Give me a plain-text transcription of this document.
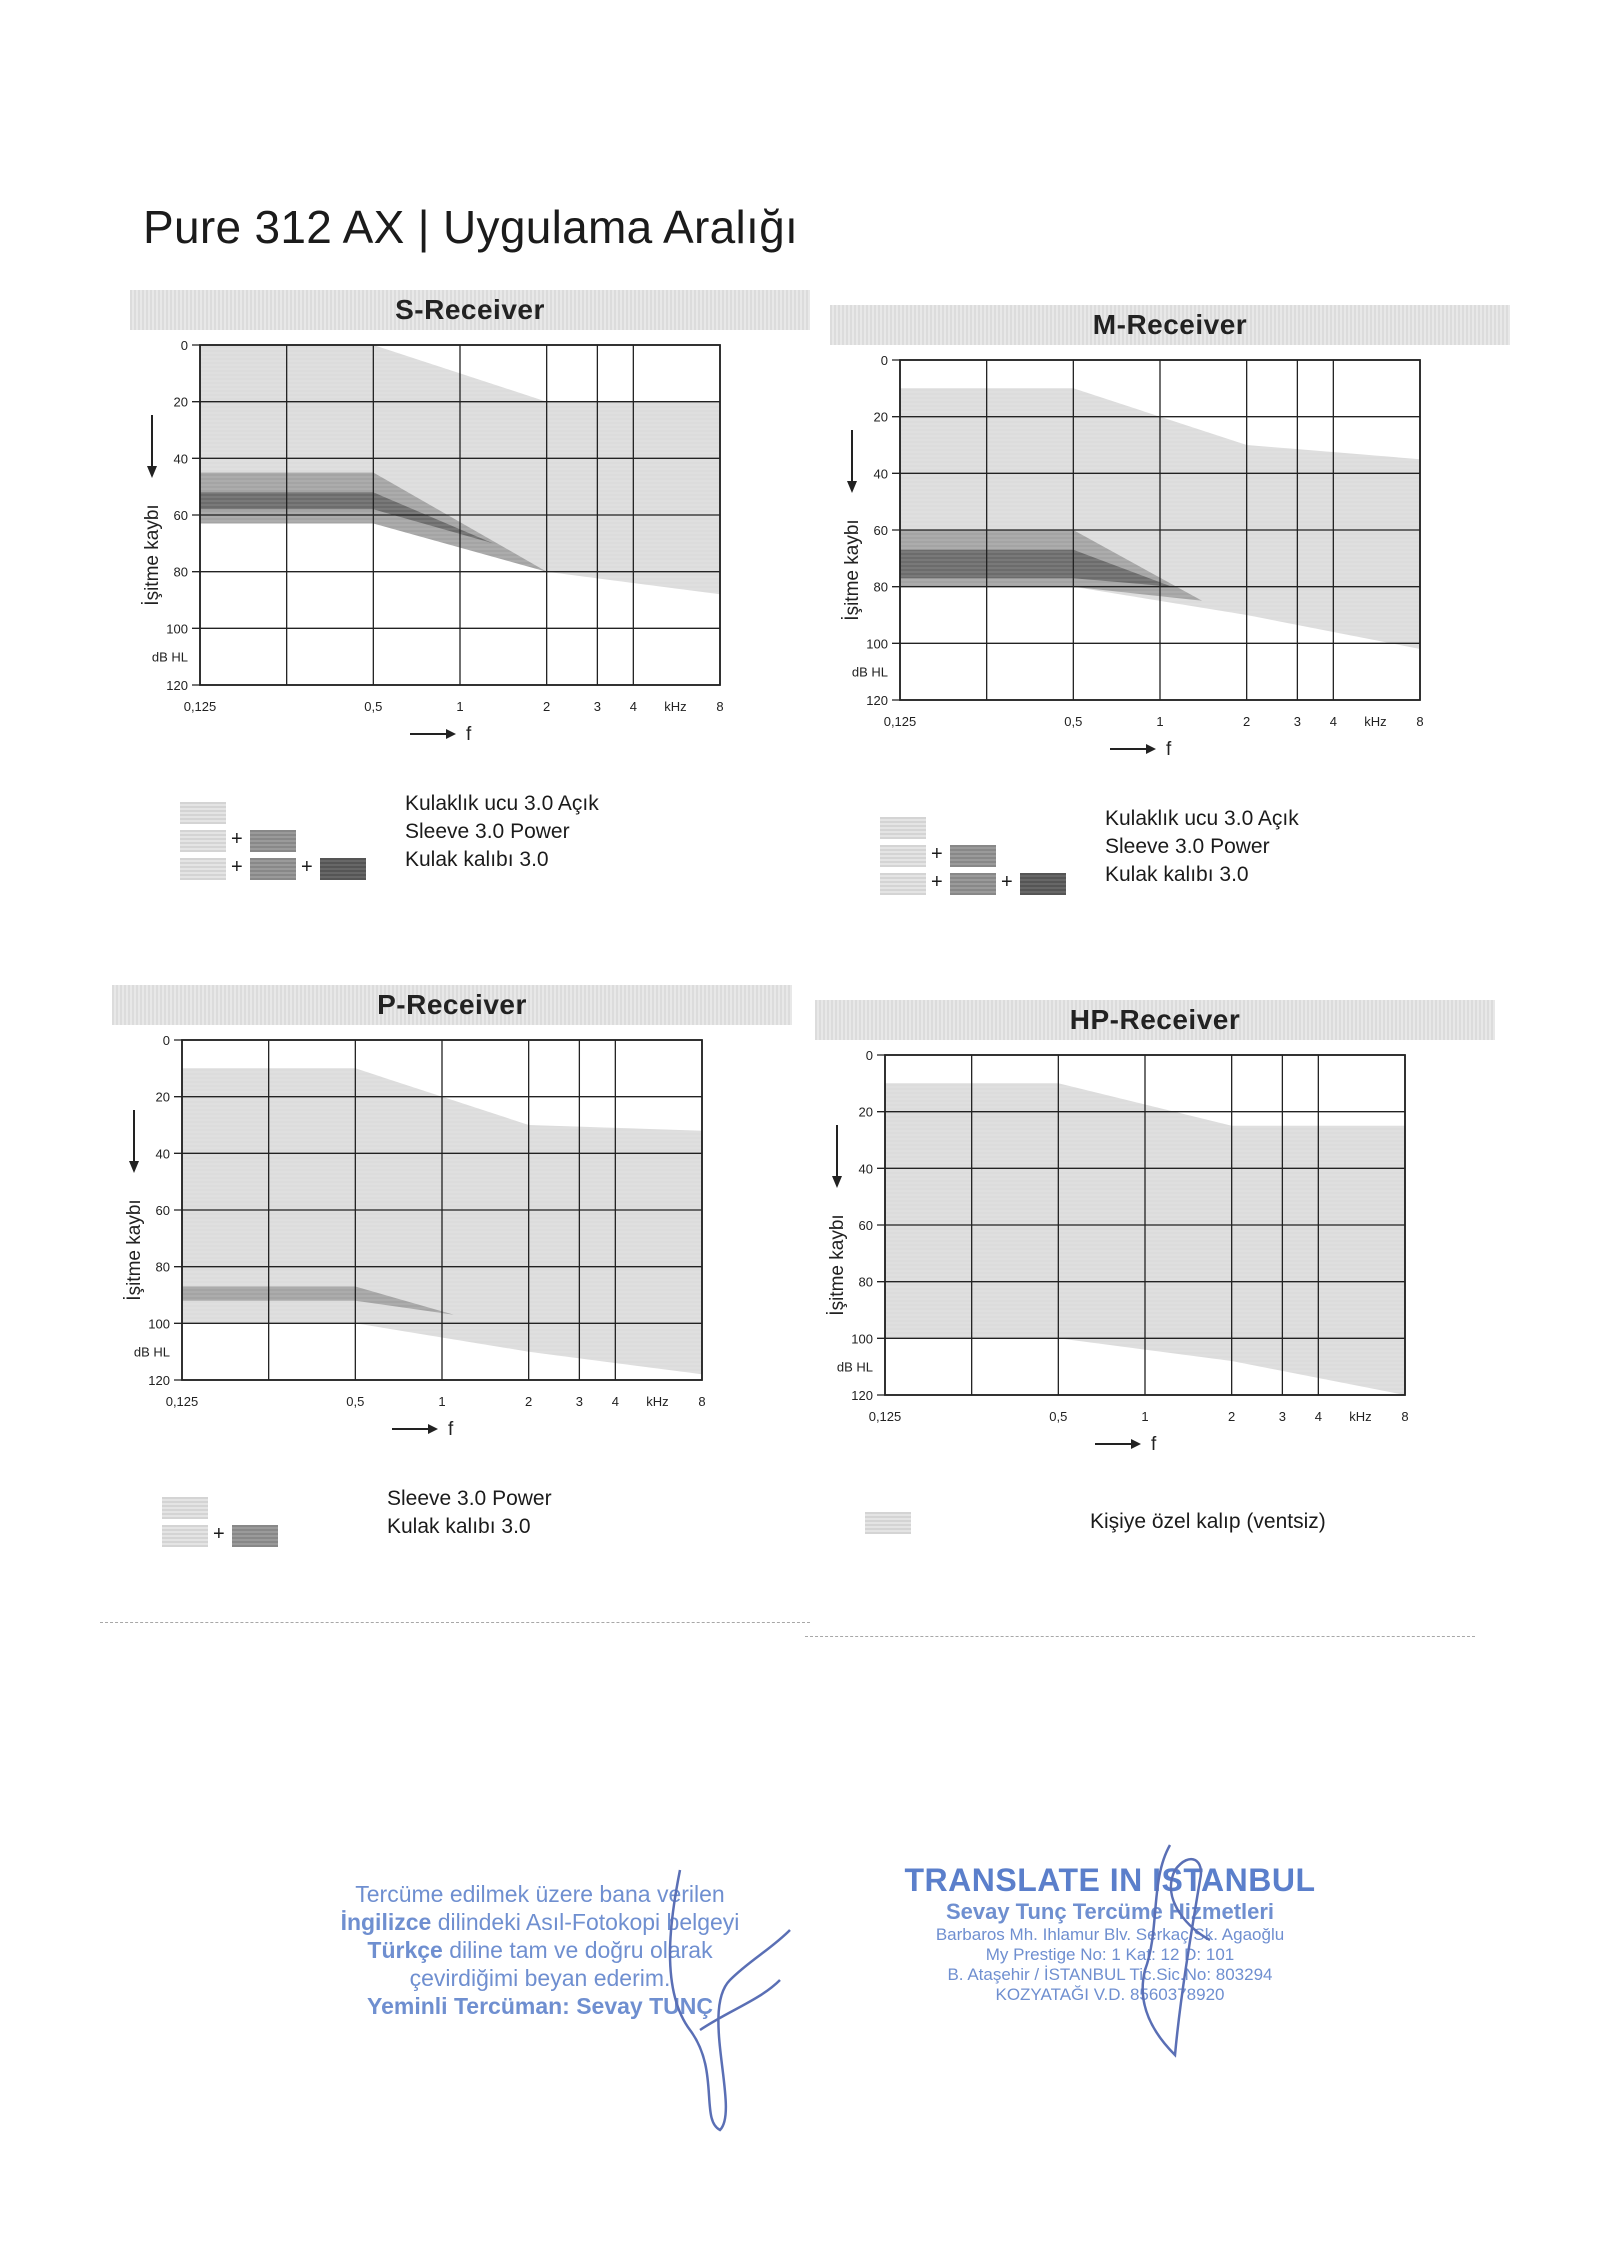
Pure 312 AX | Uygulama Aralığı
S-Receiver
0
20
40
60
80
100
120
dB HL
0,125	0,5	1	2	3 4	8
kHz
f
İşitme kaybı
Kulaklık ucu 3.0 Açık
+	Sleeve 3.0 Power
+	+	Kulak kalıbı 3.0
M-Receiver
0
20
40
60
80
100
120
dB HL
0,125	0,5	1	2	3 4	8
kHz
f
İşitme kaybı
Kulaklık ucu 3.0 Açık
+	Sleeve 3.0 Power
+	+	Kulak kalıbı 3.0
P-Receiver
0
20
40
60
80
100
120
dB HL
0,125	0,5	1	2	3 4	8
kHz
f
İşitme kaybı
Sleeve 3.0 Power
+	Kulak kalıbı 3.0
HP-Receiver
0
20
40
60
80
100
120
dB HL
0,125	0,5	1	2	3 4	8
kHz
f
İşitme kaybı
Kişiye özel kalıp (ventsiz)
Tercüme edilmek üzere bana verilen
İngilizce dilindeki Asıl-Fotokopi belgeyi
Türkçe diline tam ve doğru olarak
çevirdiğimi beyan ederim.
Yeminli Tercüman: Sevay TUNÇ
TRANSLATE IN ISTANBUL
Sevay Tunç Tercüme Hizmetleri
Barbaros Mh. Ihlamur Blv. Serkaç Sk. Agaoğlu
My Prestige No: 1 Kat: 12 D: 101
B. Ataşehir / İSTANBUL Tic.Sic.No: 803294
KOZYATAĞI V.D. 8560378920
